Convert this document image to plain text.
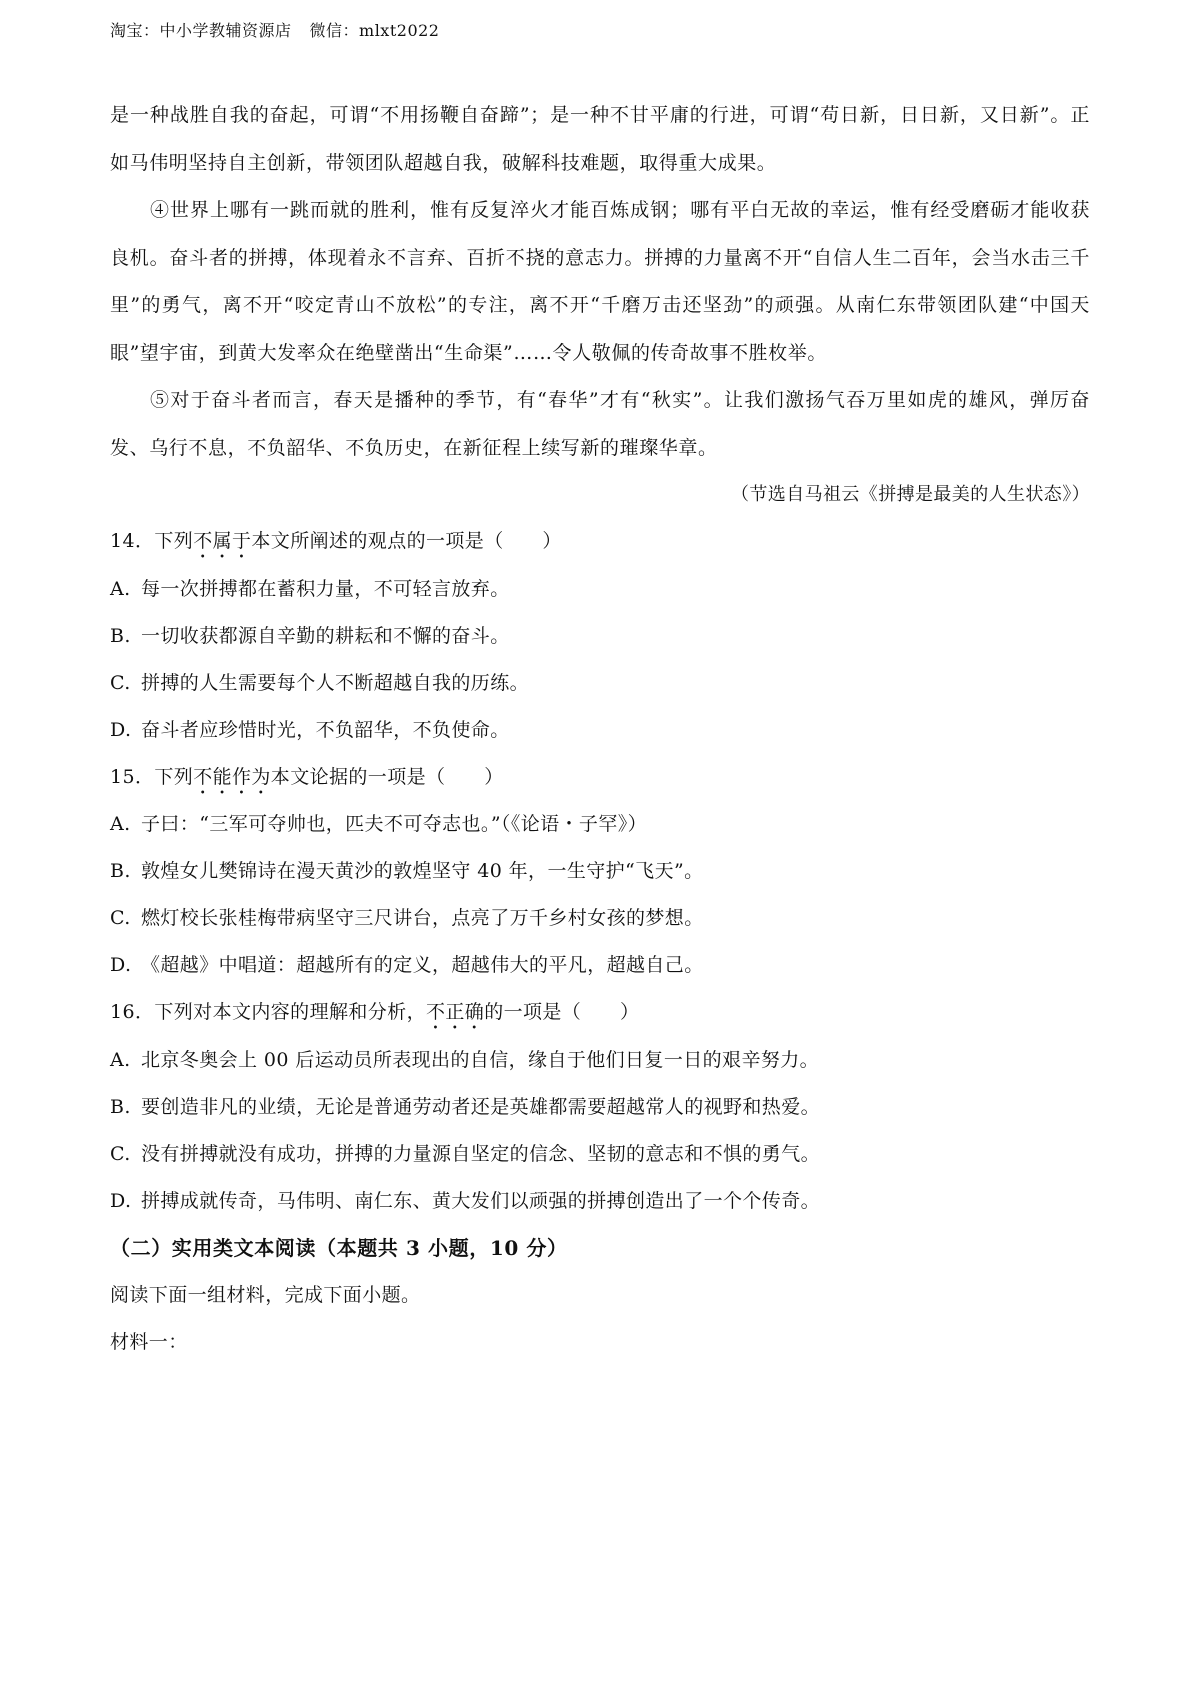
淘宝：中小学教辅资源店 微信：mlxt2022

是一种战胜自我的奋起，可谓“不用扬鞭自奋蹄”；是一种不甘平庸的行进，可谓“苟日新，日日新，又日新”。正如马伟明坚持自主创新，带领团队超越自我，破解科技难题，取得重大成果。

④世界上哪有一跳而就的胜利，惟有反复淬火才能百炼成钢；哪有平白无故的幸运，惟有经受磨砺才能收获良机。奋斗者的拼搏，体现着永不言弃、百折不挠的意志力。拼搏的力量离不开“自信人生二百年，会当水击三千里”的勇气，离不开“咬定青山不放松”的专注，离不开“千磨万击还坚劲”的顽强。从南仁东带领团队建“中国天眼”望宇宙，到黄大发率众在绝壁凿出“生命渠”……令人敬佩的传奇故事不胜枚举。

⑤对于奋斗者而言，春天是播种的季节，有“春华”才有“秋实”。让我们激扬气吞万里如虎的雄风，弹厉奋发、乌行不息，不负韶华、不负历史，在新征程上续写新的璀璨华章。

（节选自马祖云《拼搏是最美的人生状态》）

14．下列不属于本文所阐述的观点的一项是（　　）

A. 每一次拼搏都在蓄积力量，不可轻言放弃。

B. 一切收获都源自辛勤的耕耘和不懈的奋斗。

C. 拼搏的人生需要每个人不断超越自我的历练。

D. 奋斗者应珍惜时光，不负韶华，不负使命。

15．下列不能作为本文论据的一项是（　　）

A. 子曰：“三军可夺帅也，匹夫不可夺志也。”（《论语・子罕》）

B. 敦煌女儿樊锦诗在漫天黄沙的敦煌坚守 40 年，一生守护“飞天”。

C. 燃灯校长张桂梅带病坚守三尺讲台，点亮了万千乡村女孩的梦想。

D. 《超越》中唱道：超越所有的定义，超越伟大的平凡，超越自己。

16．下列对本文内容的理解和分析，不正确的一项是（　　）

A. 北京冬奥会上 00 后运动员所表现出的自信，缘自于他们日复一日的艰辛努力。

B. 要创造非凡的业绩，无论是普通劳动者还是英雄都需要超越常人的视野和热爱。

C. 没有拼搏就没有成功，拼搏的力量源自坚定的信念、坚韧的意志和不惧的勇气。

D. 拼搏成就传奇，马伟明、南仁东、黄大发们以顽强的拼搏创造出了一个个传奇。

（二）实用类文本阅读（本题共 3 小题，10 分）

阅读下面一组材料，完成下面小题。

材料一：
